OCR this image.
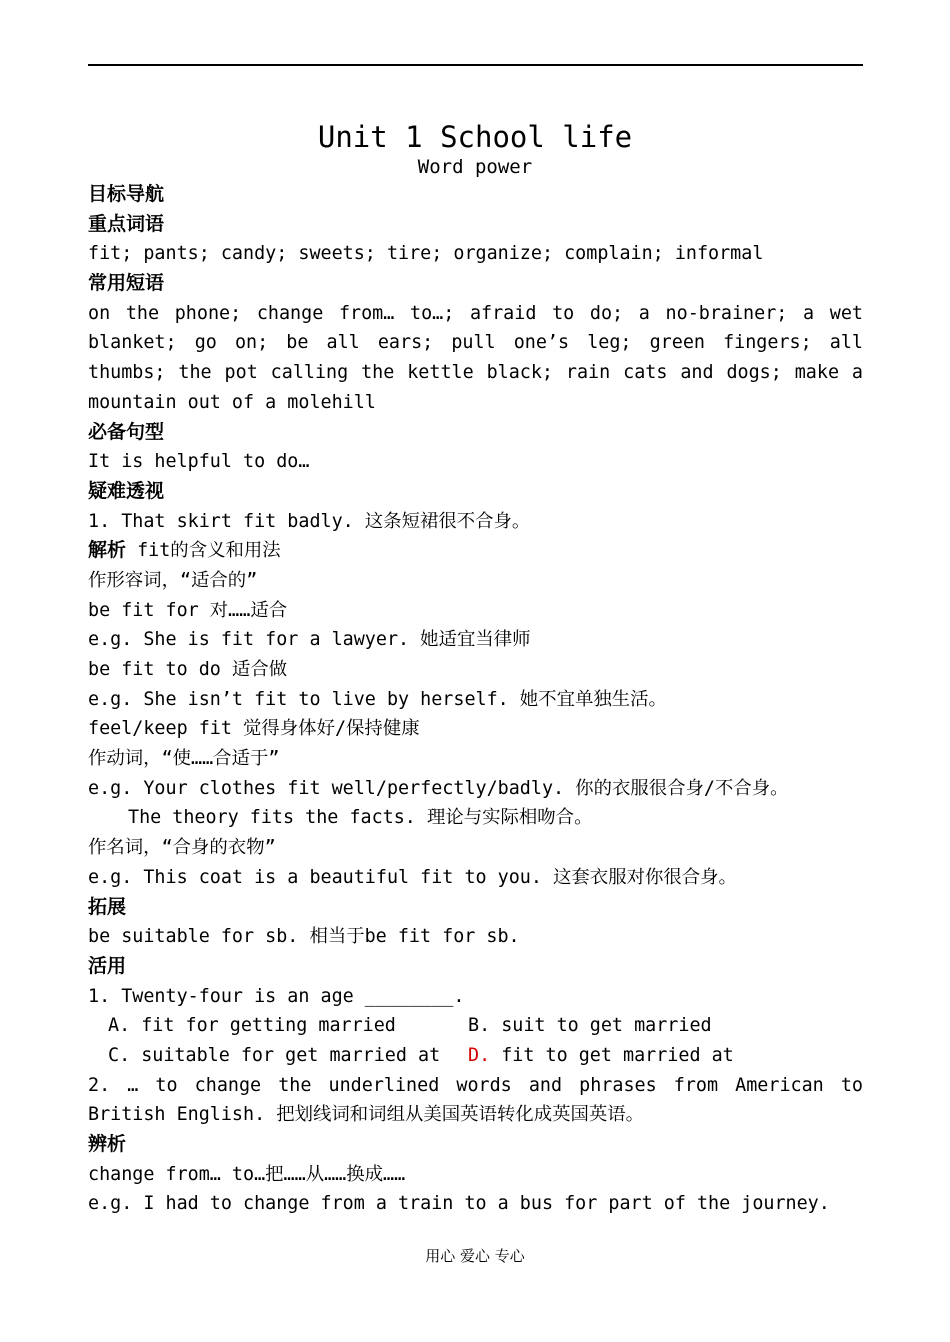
Unit 1 School life
Word power
目标导航
重点词语
fit; pants; candy; sweets; tire; organize; complain; informal
常用短语
on the phone; change from… to…; afraid to do; a no-brainer; a wet
blanket; go on; be all ears; pull one’s leg; green fingers; all
thumbs; the pot calling the kettle black; rain cats and dogs; make a
mountain out of a molehill
必备句型
It is helpful to do…
疑难透视
1. That skirt fit badly. 这条短裙很不合身。
解析 fit的含义和用法
作形容词，“适合的”
be fit for 对……适合
e.g. She is fit for a lawyer. 她适宜当律师
be fit to do 适合做
e.g. She isn’t fit to live by herself. 她不宜单独生活。
feel/keep fit 觉得身体好/保持健康
作动词，“使……合适于”
e.g. Your clothes fit well/perfectly/badly. 你的衣服很合身/不合身。
The theory fits the facts. 理论与实际相吻合。
作名词，“合身的衣物”
e.g. This coat is a beautiful fit to you. 这套衣服对你很合身。
拓展
be suitable for sb. 相当于be fit for sb.
活用
1. Twenty-four is an age ________.
A. fit for getting married	B. suit to get married
C. suitable for get married at	D. fit to get married at
2. … to change the underlined words and phrases from American to
British English. 把划线词和词组从美国英语转化成英国英语。
辨析
change from… to…把……从……换成……
e.g. I had to change from a train to a bus for part of the journey.
用心 爱心 专心
